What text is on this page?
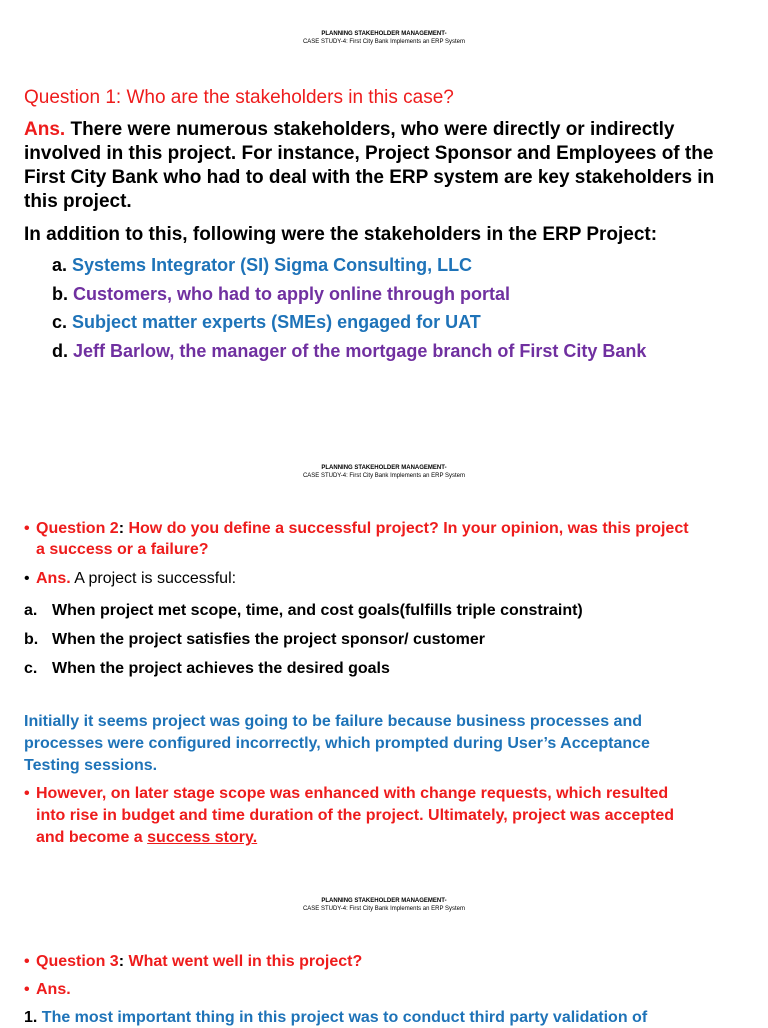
PLANNING STAKEHOLDER MANAGEMENT-
CASE STUDY-4: First City Bank Implements an ERP System
Question 1: Who are the stakeholders in this case?
Ans. There were numerous stakeholders, who were directly or indirectly
involved in this project. For instance, Project Sponsor and Employees of the
First City Bank who had to deal with the ERP system are key stakeholders in
this project.
In addition to this, following were the stakeholders in the ERP Project:
a. Systems Integrator (SI) Sigma Consulting, LLC
b. Customers, who had to apply online through portal
c. Subject matter experts (SMEs) engaged for UAT
d. Jeff Barlow, the manager of the mortgage branch of First City Bank
PLANNING STAKEHOLDER MANAGEMENT-
CASE STUDY-4: First City Bank Implements an ERP System
• Question 2: How do you define a successful project? In your opinion, was this project
a success or a failure?
• Ans. A project is successful:
a. When project met scope, time, and cost goals(fulfills triple constraint)
b. When the project satisfies the project sponsor/ customer
c. When the project achieves the desired goals
Initially it seems project was going to be failure because business processes and
processes were configured incorrectly, which prompted during User’s Acceptance
Testing sessions.
• However, on later stage scope was enhanced with change requests, which resulted
into rise in budget and time duration of the project. Ultimately, project was accepted
and become a success story.
PLANNING STAKEHOLDER MANAGEMENT-
CASE STUDY-4: First City Bank Implements an ERP System
• Question 3: What went well in this project?
• Ans.
1. The most important thing in this project was to conduct third party validation of
